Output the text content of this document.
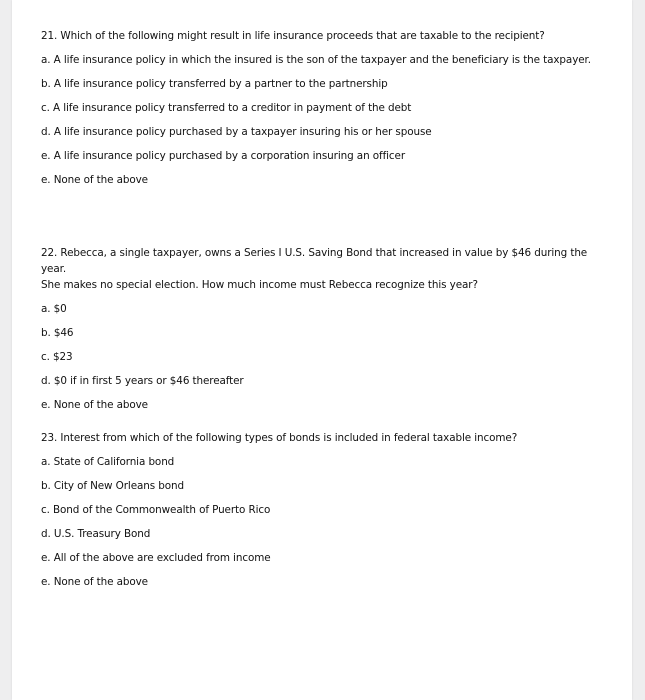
21. Which of the following might result in life insurance proceeds that are taxable to the recipient?

a. A life insurance policy in which the insured is the son of the taxpayer and the beneficiary is the taxpayer.

b. A life insurance policy transferred by a partner to the partnership

c. A life insurance policy transferred to a creditor in payment of the debt

d. A life insurance policy purchased by a taxpayer insuring his or her spouse

e. A life insurance policy purchased by a corporation insuring an officer

e. None of the above

22. Rebecca, a single taxpayer, owns a Series I U.S. Saving Bond that increased in value by $46 during the year.
She makes no special election. How much income must Rebecca recognize this year?

a. $0

b. $46

c. $23

d. $0 if in first 5 years or $46 thereafter

e. None of the above

23. Interest from which of the following types of bonds is included in federal taxable income?

a. State of California bond

b. City of New Orleans bond

c. Bond of the Commonwealth of Puerto Rico

d. U.S. Treasury Bond

e. All of the above are excluded from income

e. None of the above
